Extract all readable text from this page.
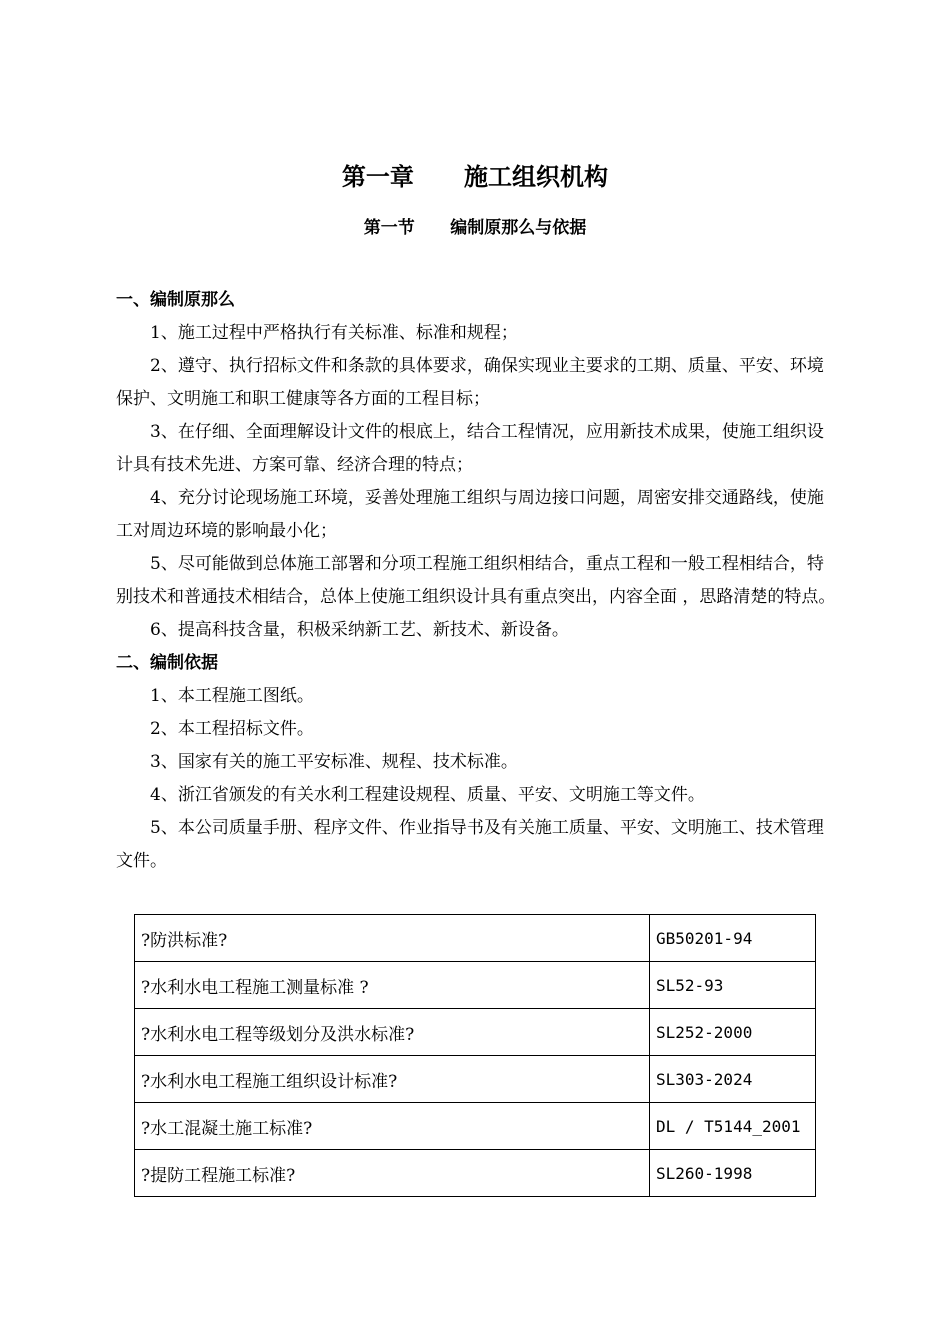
第一章      施工组织机构
第一节      编制原那么与依据

一、编制原那么

1、施工过程中严格执行有关标准、标准和规程；

2、遵守、执行招标文件和条款的具体要求，确保实现业主要求的工期、质量、平安、环境保护、文明施工和职工健康等各方面的工程目标；

3、在仔细、全面理解设计文件的根底上，结合工程情况，应用新技术成果，使施工组织设计具有技术先进、方案可靠、经济合理的特点；

4、充分讨论现场施工环境，妥善处理施工组织与周边接口问题，周密安排交通路线，使施工对周边环境的影响最小化；

5、尽可能做到总体施工部署和分项工程施工组织相结合，重点工程和一般工程相结合，特别技术和普通技术相结合，总体上使施工组织设计具有重点突出，内容全面 ，思路清楚的特点。

6、提高科技含量，积极采纳新工艺、新技术、新设备。

二、编制依据

1、本工程施工图纸。

2、本工程招标文件。

3、国家有关的施工平安标准、规程、技术标准。

4、浙江省颁发的有关水利工程建设规程、质量、平安、文明施工等文件。

5、本公司质量手册、程序文件、作业指导书及有关施工质量、平安、文明施工、技术管理文件。

?防洪标准?	GB50201-94
?水利水电工程施工测量标准 ?	SL52-93
?水利水电工程等级划分及洪水标准?	SL252-2000
?水利水电工程施工组织设计标准?	SL303-2024
?水工混凝土施工标准?	DL / T5144_2001
?提防工程施工标准?	SL260-1998
